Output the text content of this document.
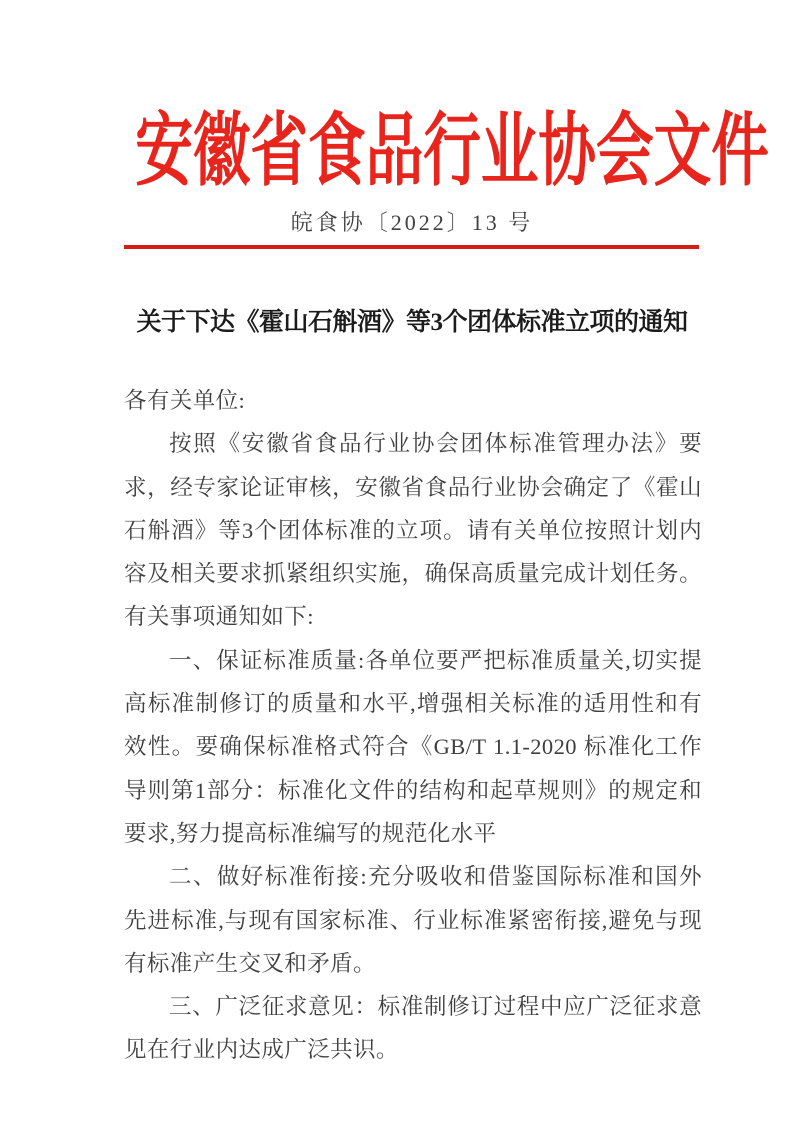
安徽省食品行业协会文件
皖食协〔2022〕13 号
关于下达《霍山石斛酒》等3个团体标准立项的通知

各有关单位:

按照《安徽省食品行业协会团体标准管理办法》要求，经专家论证审核，安徽省食品行业协会确定了《霍山石斛酒》等3个团体标准的立项。请有关单位按照计划内容及相关要求抓紧组织实施，确保高质量完成计划任务。有关事项通知如下:

一、保证标准质量:各单位要严把标准质量关,切实提高标准制修订的质量和水平,增强相关标准的适用性和有效性。要确保标准格式符合《GB/T 1.1-2020 标准化工作导则第1部分：标准化文件的结构和起草规则》的规定和要求,努力提高标准编写的规范化水平

二、做好标准衔接:充分吸收和借鉴国际标准和国外先进标准,与现有国家标准、行业标准紧密衔接,避免与现有标准产生交叉和矛盾。

三、广泛征求意见：标准制修订过程中应广泛征求意见在行业内达成广泛共识。
